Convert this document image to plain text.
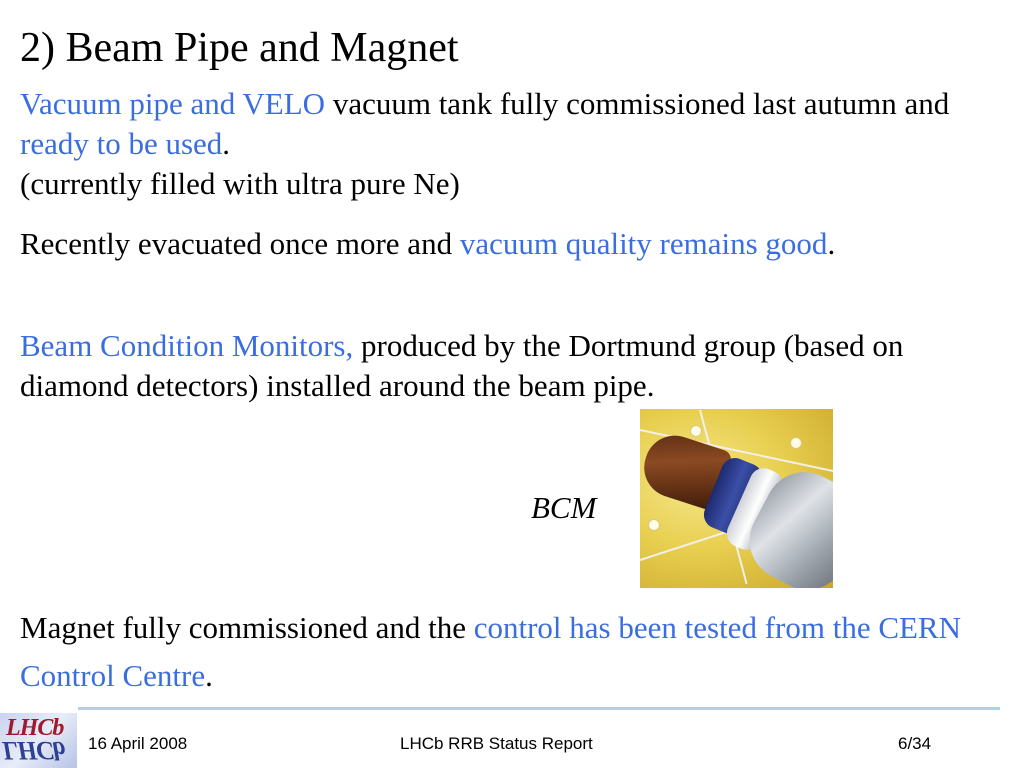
2) Beam Pipe and Magnet

Vacuum pipe and VELO vacuum tank fully commissioned last autumn and ready to be used.
(currently filled with ultra pure Ne)

Recently evacuated once more and vacuum quality remains good.

Beam Condition Monitors, produced by the Dortmund group (based on diamond detectors) installed around the beam pipe.

BCM

Magnet fully commissioned and the control has been tested from the CERN Control Centre.

LHCb
LHCb 16 April 2008	LHCb RRB Status Report	6/34
